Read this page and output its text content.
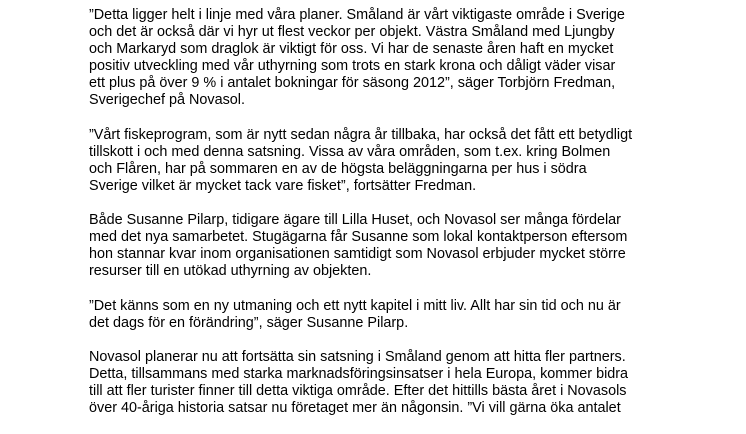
”Detta ligger helt i linje med våra planer. Småland är vårt viktigaste område i Sverige
och det är också där vi hyr ut flest veckor per objekt. Västra Småland med Ljungby
och Markaryd som draglok är viktigt för oss. Vi har de senaste åren haft en mycket
positiv utveckling med vår uthyrning som trots en stark krona och dåligt väder visar
ett plus på över 9 % i antalet bokningar för säsong 2012”, säger Torbjörn Fredman,
Sverigechef på Novasol.
”Vårt fiskeprogram, som är nytt sedan några år tillbaka, har också det fått ett betydligt
tillskott i och med denna satsning. Vissa av våra områden, som t.ex. kring Bolmen
och Flåren, har på sommaren en av de högsta beläggningarna per hus i södra
Sverige vilket är mycket tack vare fisket”, fortsätter Fredman.
Både Susanne Pilarp, tidigare ägare till Lilla Huset, och Novasol ser många fördelar
med det nya samarbetet. Stugägarna får Susanne som lokal kontaktperson eftersom
hon stannar kvar inom organisationen samtidigt som Novasol erbjuder mycket större
resurser till en utökad uthyrning av objekten.
”Det känns som en ny utmaning och ett nytt kapitel i mitt liv. Allt har sin tid och nu är
det dags för en förändring”, säger Susanne Pilarp.
Novasol planerar nu att fortsätta sin satsning i Småland genom att hitta fler partners.
Detta, tillsammans med starka marknadsföringsinsatser i hela Europa, kommer bidra
till att fler turister finner till detta viktiga område. Efter det hittills bästa året i Novasols
över 40-åriga historia satsar nu företaget mer än någonsin. ”Vi vill gärna öka antalet
